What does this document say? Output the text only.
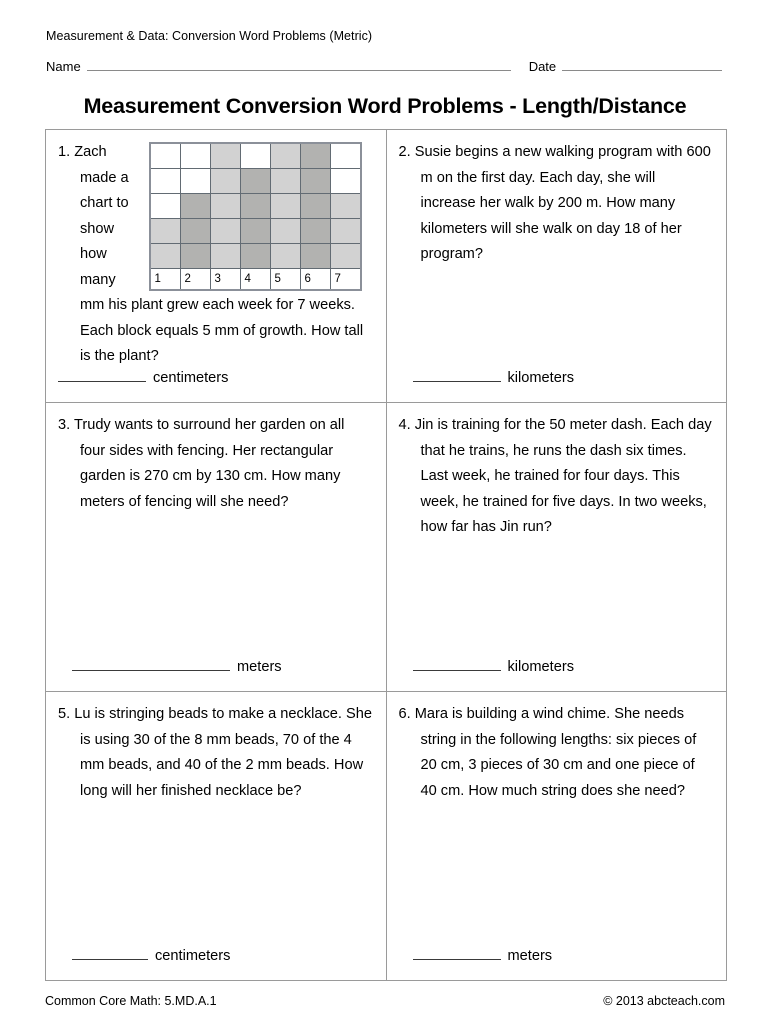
Measurement & Data: Conversion Word Problems (Metric)
Name	Date
Measurement Conversion Word Problems - Length/Distance

1	2	3	4	5	6	7

1. Zach made a chart to show how many mm his plant grew each week for 7 weeks. Each block equals 5 mm of growth. How tall is the plant?

centimeters

2. Susie begins a new walking program with 600 m on the first day. Each day, she will increase her walk by 200 m. How many kilometers will she walk on day 18 of her program?

kilometers

3. Trudy wants to surround her garden on all four sides with fencing. Her rectangular garden is 270 cm by 130 cm. How many meters of fencing will she need?

meters

4. Jin is training for the 50 meter dash. Each day that he trains, he runs the dash six times. Last week, he trained for four days. This week, he trained for five days. In two weeks, how far has Jin run?

kilometers

5. Lu is stringing beads to make a necklace. She is using 30 of the 8 mm beads, 70 of the 4 mm beads, and 40 of the 2 mm beads. How long will her finished necklace be?

centimeters

6. Mara is building a wind chime. She needs string in the following lengths: six pieces of 20 cm, 3 pieces of 30 cm and one piece of 40 cm. How much string does she need?

meters
Common Core Math: 5.MD.A.1	© 2013 abcteach.com
